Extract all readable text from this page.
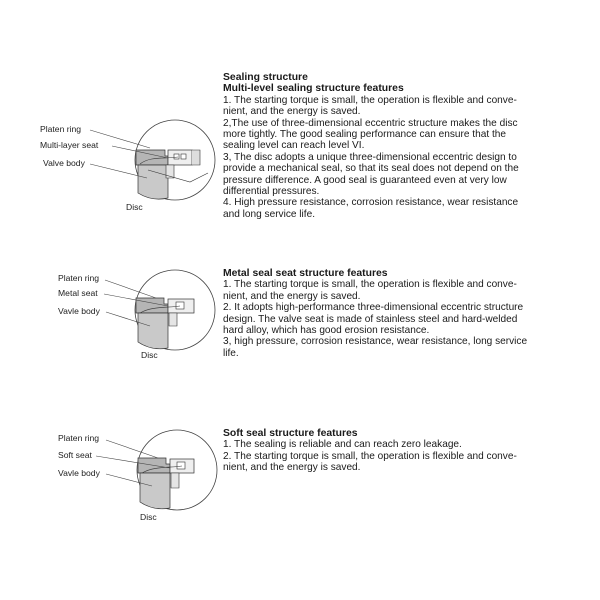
Platen ring
Multi-layer seat
Valve body
Disc
Platen ring
Metal seat
Vavle body
Disc
Platen ring
Soft seat
Vavle body
Disc
Sealing structure
Multi-level sealing structure features
1. The starting torque is small, the operation is flexible and conve-
nient, and the energy is saved.
2,The use of three-dimensional eccentric structure makes the disc
more tightly. The good sealing performance can ensure that the
sealing level can reach level VI.
3, The disc adopts a unique three-dimensional eccentric design to
provide a mechanical seal, so that its seal does not depend on the
pressure difference. A good seal is guaranteed even at very low
differential pressures.
4. High pressure resistance, corrosion resistance, wear resistance
and long service life.
Metal seal seat structure features
1. The starting torque is small, the operation is flexible and conve-
nient, and the energy is saved.
2. It adopts high-performance three-dimensional eccentric structure
design. The valve seat is made of stainless steel and hard-welded
hard alloy, which has good erosion resistance.
3, high pressure, corrosion resistance, wear resistance, long service
life.
Soft seal structure features
1. The sealing is reliable and can reach zero leakage.
2. The starting torque is small, the operation is flexible and conve-
nient, and the energy is saved.
